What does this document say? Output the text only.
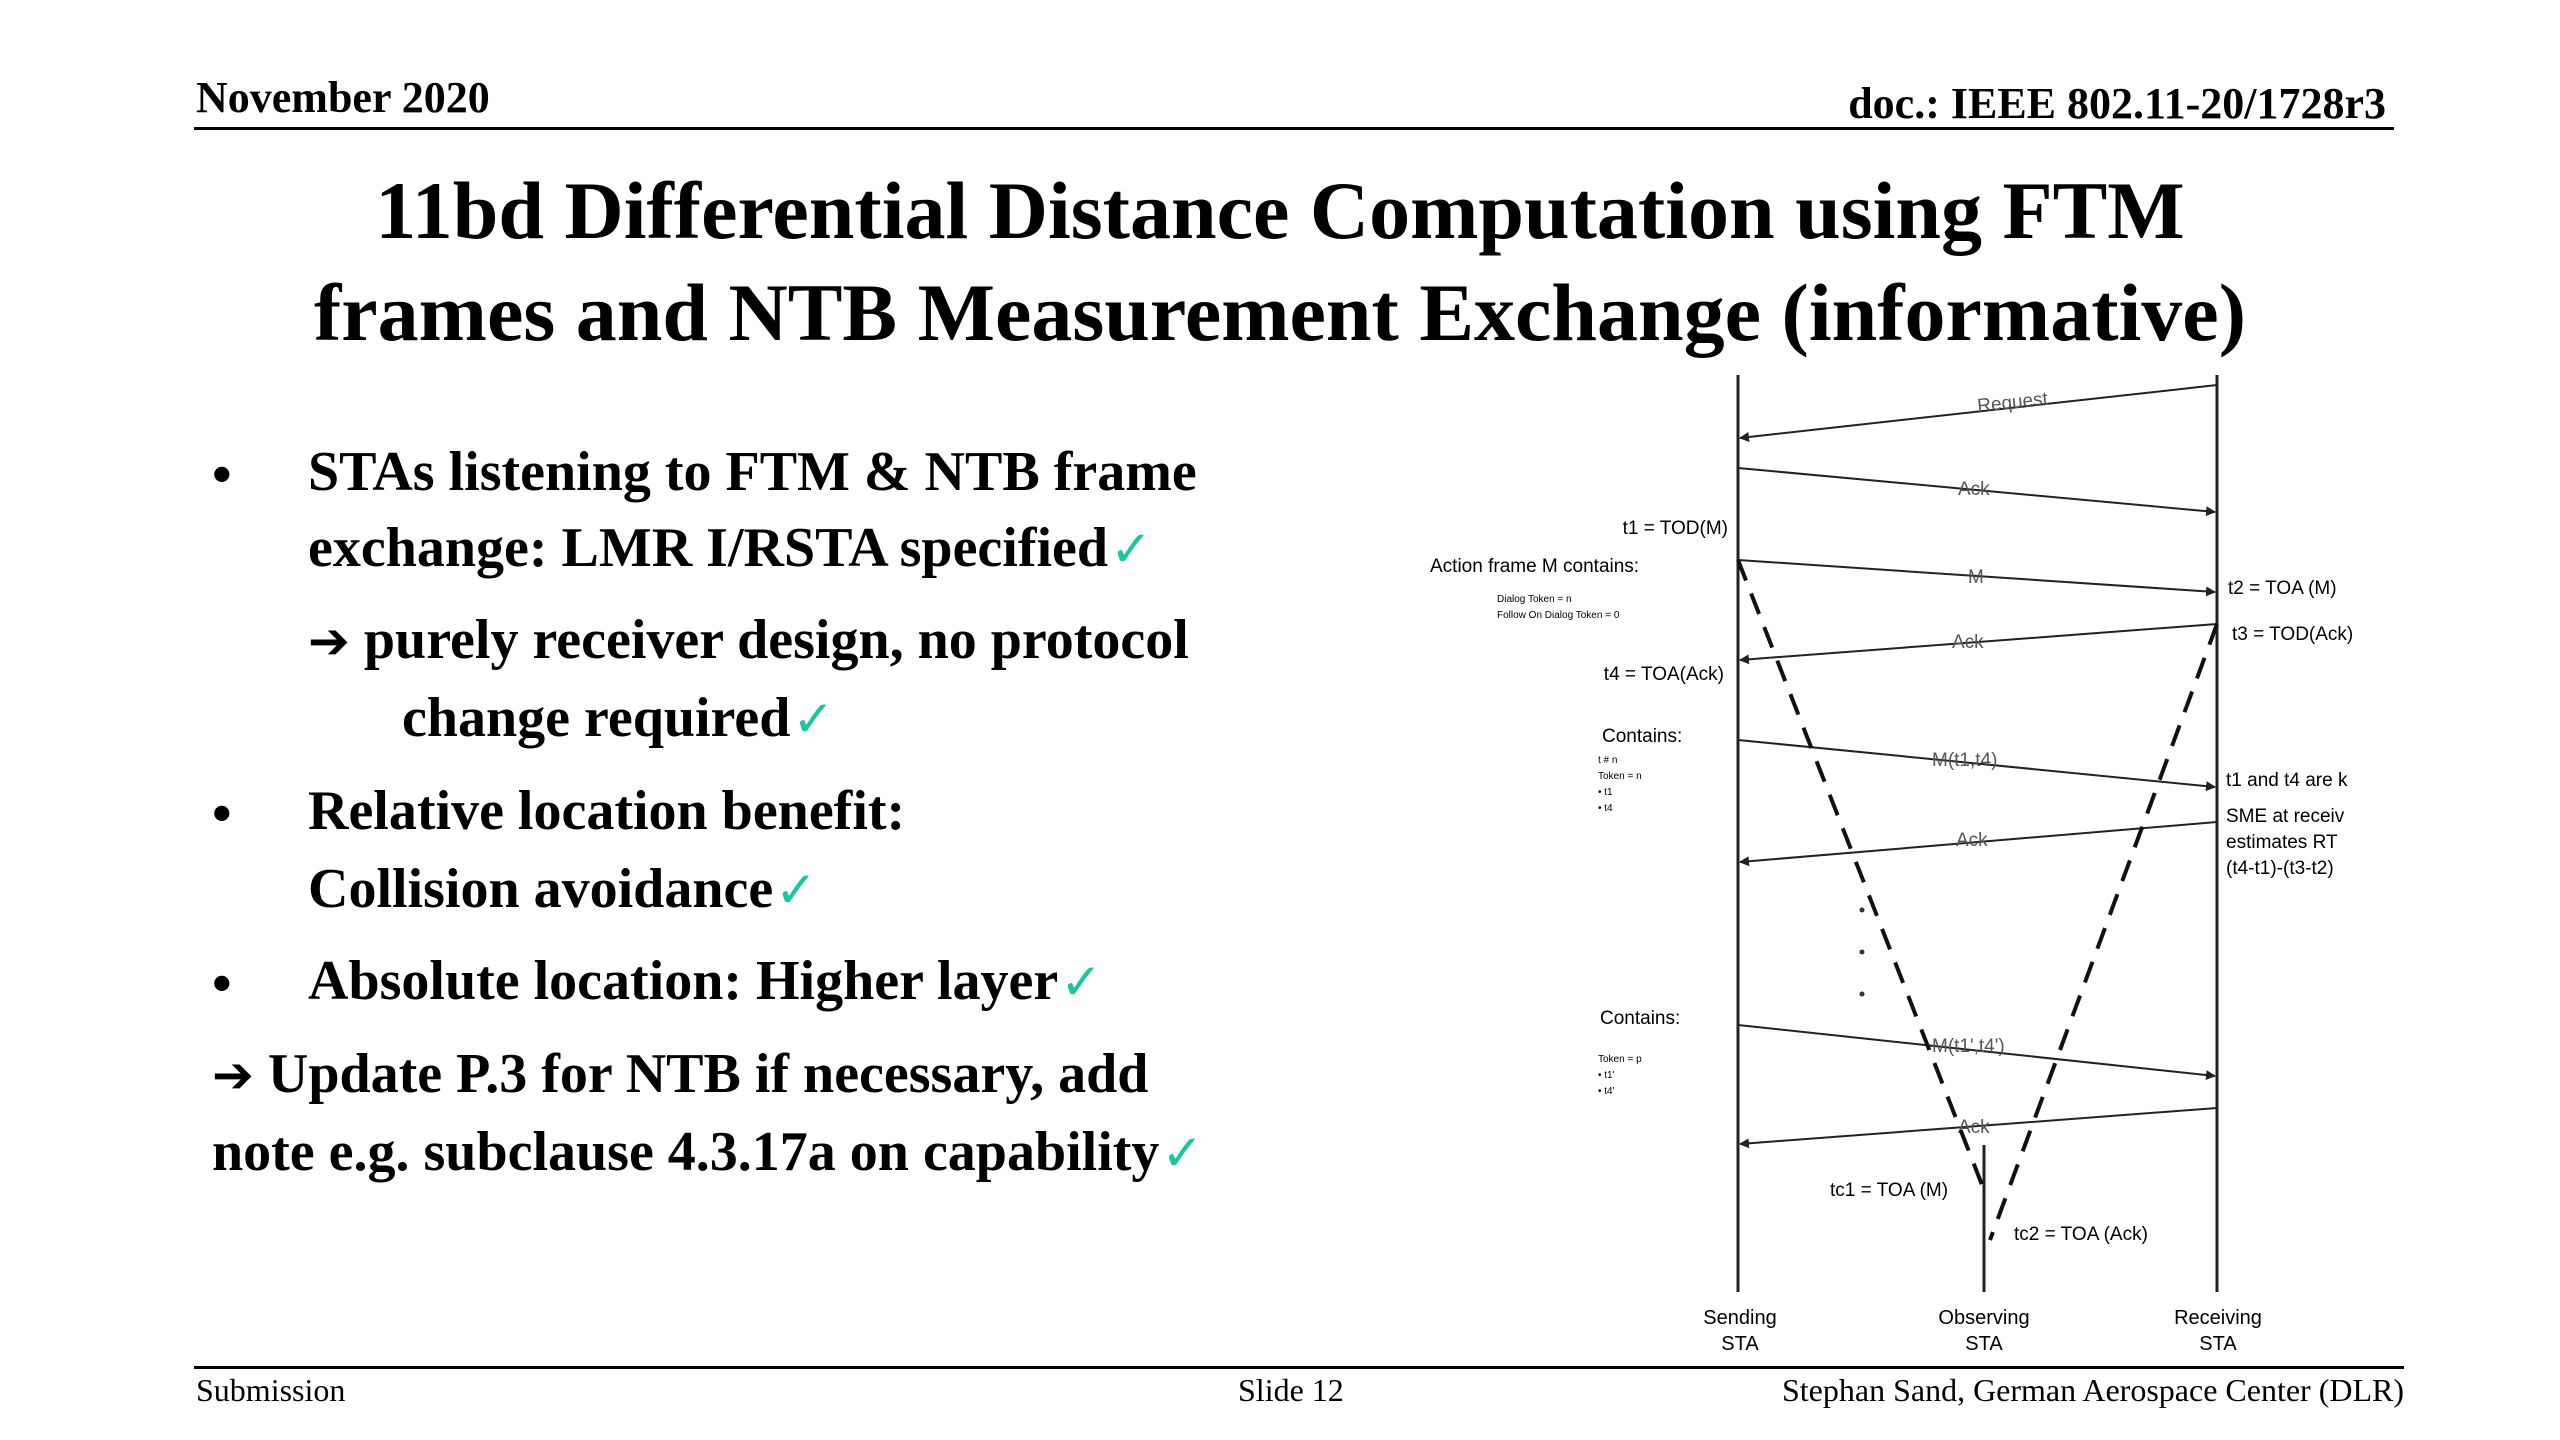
November 2020	doc.: IEEE 802.11-20/1728r3
11bd Differential Distance Computation using FTM
frames and NTB Measurement Exchange (informative)
• STAs listening to FTM & NTB frame
exchange: LMR I/RSTA specified✓
➔ purely receiver design, no protocol
change required✓
• Relative location benefit:
Collision avoidance✓
• Absolute location: Higher layer✓
➔ Update P.3 for NTB if necessary, add
note e.g. subclause 4.3.17a on capability✓
Request
Ack
M
Ack
M(t1,t4)
Ack
M(t1',t4')
Ack
t1 = TOD(M)
Action frame M contains:
Dialog Token = n
Follow On Dialog Token = 0
t4 = TOA(Ack)
Contains:
t # n
Token = n
• t1
• t4
Contains:
Token = p
• t1'
• t4'
t2 = TOA (M)
t3 = TOD(Ack)
t1 and t4 are k
SME at receiv
estimates RT
(t4-t1)-(t3-t2)
tc1 = TOA (M)
tc2 = TOA (Ack)
Sending
STA
Observing
STA
Receiving
STA
Submission	Slide 12	Stephan Sand, German Aerospace Center (DLR)
